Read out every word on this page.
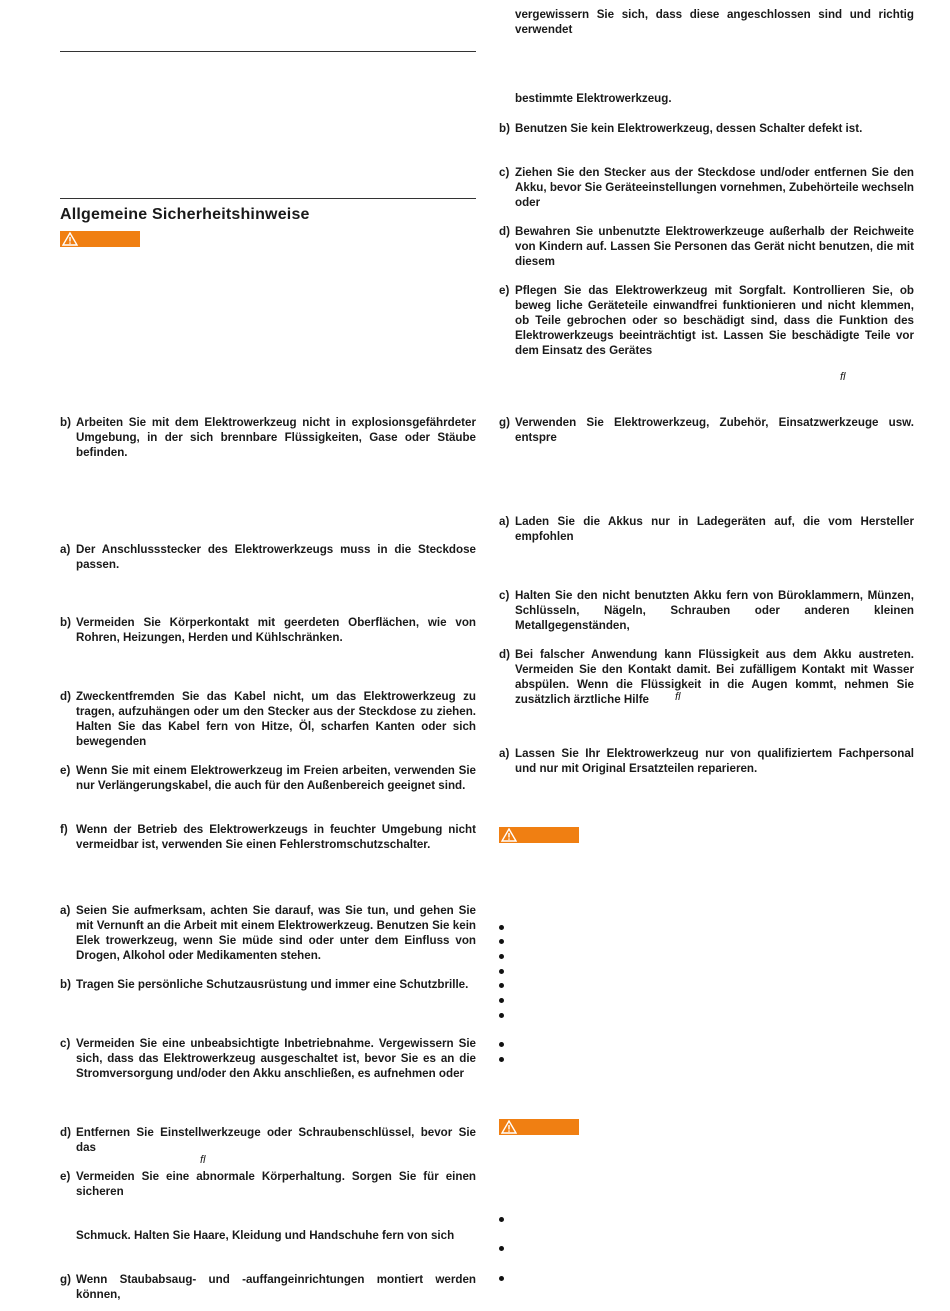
Allgemeine Sicherheitshinweise
b) Arbeiten Sie mit dem Elektrowerkzeug nicht in explosionsgefährdeter Umgebung, in der sich brennbare Flüssigkeiten, Gase oder Stäube befinden.
a) Der Anschlussstecker des Elektrowerkzeugs muss in die Steckdose passen.
b) Vermeiden Sie Körperkontakt mit geerdeten Oberflächen, wie von Rohren, Heizungen, Herden und Kühlschränken.
d) Zweckentfremden Sie das Kabel nicht, um das Elektrowerkzeug zu tragen, aufzuhängen oder um den Stecker aus der Steckdose zu ziehen. Halten Sie das Kabel fern von Hitze, Öl, scharfen Kanten oder sich bewegenden
e) Wenn Sie mit einem Elektrowerkzeug im Freien arbeiten, verwenden Sie nur Verlängerungskabel, die auch für den Außenbereich geeignet sind.
f) Wenn der Betrieb des Elektrowerkzeugs in feuchter Umgebung nicht vermeidbar ist, verwenden Sie einen Fehlerstromschutzschalter.
a) Seien Sie aufmerksam, achten Sie darauf, was Sie tun, und gehen Sie mit Vernunft an die Arbeit mit einem Elektrowerkzeug. Benutzen Sie kein Elek trowerkzeug, wenn Sie müde sind oder unter dem Einfluss von Drogen, Alkohol oder Medikamenten stehen.
b) Tragen Sie persönliche Schutzausrüstung und immer eine Schutzbrille.
c) Vermeiden Sie eine unbeabsichtigte Inbetriebnahme. Vergewissern Sie sich, dass das Elektrowerkzeug ausgeschaltet ist, bevor Sie es an die Stromversorgung und/oder den Akku anschließen, es aufnehmen oder
d) Entfernen Sie Einstellwerkzeuge oder Schraubenschlüssel, bevor Sie das
ﬂ
e) Vermeiden Sie eine abnormale Körperhaltung. Sorgen Sie für einen sicheren
Schmuck. Halten Sie Haare, Kleidung und Handschuhe fern von sich
g) Wenn Staubabsaug- und -auffangeinrichtungen montiert werden können,
vergewissern Sie sich, dass diese angeschlossen sind und richtig verwendet
bestimmte Elektrowerkzeug.
b) Benutzen Sie kein Elektrowerkzeug, dessen Schalter defekt ist.
c) Ziehen Sie den Stecker aus der Steckdose und/oder entfernen Sie den Akku, bevor Sie Geräteeinstellungen vornehmen, Zubehörteile wechseln oder
d) Bewahren Sie unbenutzte Elektrowerkzeuge außerhalb der Reichweite von Kindern auf. Lassen Sie Personen das Gerät nicht benutzen, die mit diesem
e) Pflegen Sie das Elektrowerkzeug mit Sorgfalt. Kontrollieren Sie, ob beweg liche Geräteteile einwandfrei funktionieren und nicht klemmen, ob Teile gebrochen oder so beschädigt sind, dass die Funktion des Elektrowerkzeugs beeinträchtigt ist. Lassen Sie beschädigte Teile vor dem Einsatz des Gerätes
ﬂ
g) Verwenden Sie Elektrowerkzeug, Zubehör, Einsatzwerkzeuge usw. entspre
a) Laden Sie die Akkus nur in Ladegeräten auf, die vom Hersteller empfohlen
c) Halten Sie den nicht benutzten Akku fern von Büroklammern, Münzen, Schlüsseln, Nägeln, Schrauben oder anderen kleinen Metallgegenständen,
d) Bei falscher Anwendung kann Flüssigkeit aus dem Akku austreten. Vermeiden Sie den Kontakt damit. Bei zufälligem Kontakt mit Wasser abspülen. Wenn die Flüssigkeit in die Augen kommt, nehmen Sie zusätzlich ärztliche Hilfe	ﬂ
a) Lassen Sie Ihr Elektrowerkzeug nur von qualifiziertem Fachpersonal und nur mit Original Ersatzteilen reparieren.
